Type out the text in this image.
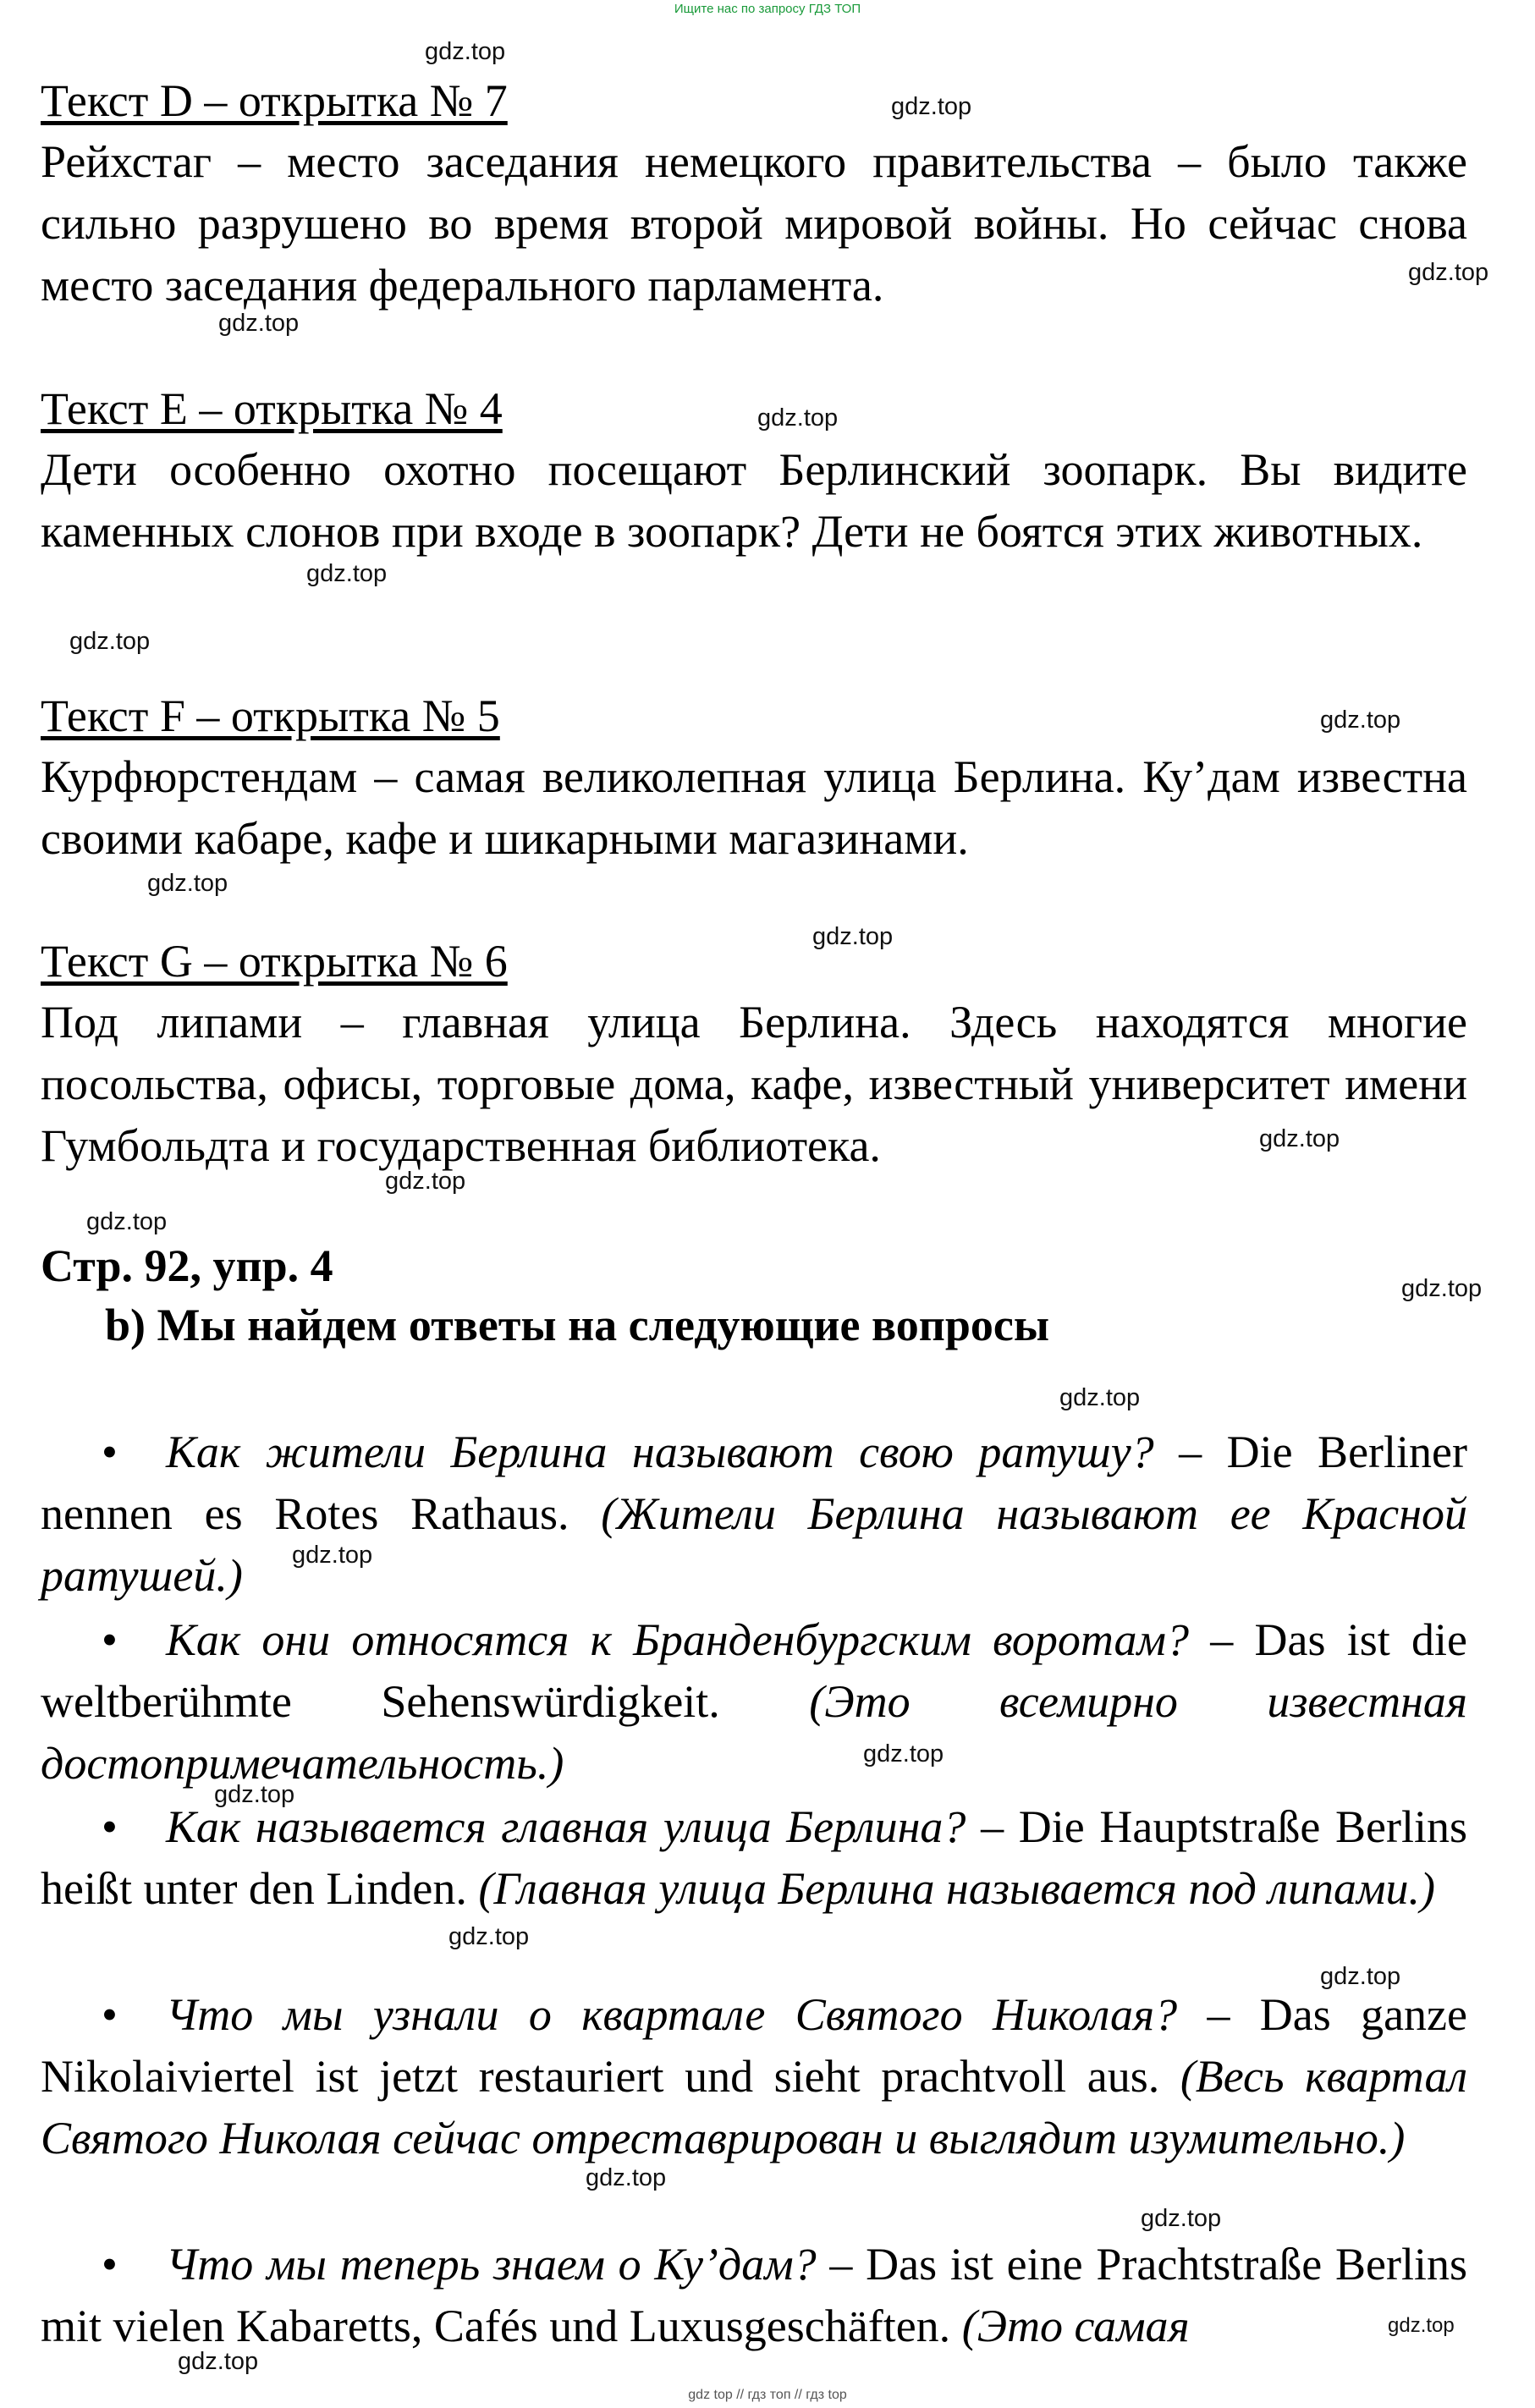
Ищите нас по запросу ГДЗ ТОП
Текст D – открытка № 7
Рейхстаг – место заседания немецкого правительства – было также сильно разрушено во время второй мировой войны. Но сейчас снова место заседания федерального парламента.
Текст E – открытка № 4
Дети особенно охотно посещают Берлинский зоопарк. Вы видите каменных слонов при входе в зоопарк? Дети не боятся этих животных.
Текст F – открытка № 5
Курфюрстендам – самая великолепная улица Берлина. Ку’дам известна своими кабаре, кафе и шикарными магазинами.
Текст G – открытка № 6
Под липами – главная улица Берлина. Здесь находятся многие посольства, офисы, торговые дома, кафе, известный университет имени Гумбольдта и государственная библиотека.
Стр. 92, упр. 4
b) Мы найдем ответы на следующие вопросы
• Как жители Берлина называют свою ратушу? – Die Berliner nennen es Rotes Rathaus. (Жители Берлина называют ее Красной ратушей.)
• Как они относятся к Бранденбургским воротам? – Das ist die weltberühmte Sehenswürdigkeit. (Это всемирно известная достопримечательность.)
• Как называется главная улица Берлина? – Die Hauptstraße Berlins heißt unter den Linden. (Главная улица Берлина называется под липами.)
• Что мы узнали о квартале Святого Николая? – Das ganze Nikolaiviertel ist jetzt restauriert und sieht prachtvoll aus. (Весь квартал Святого Николая сейчас отреставрирован и выглядит изумительно.)
• Что мы теперь знаем о Ку’дам? – Das ist eine Prachtstraße Berlins mit vielen Kabaretts, Cafés und Luxusgeschäften. (Это самая
gdz.top
gdz.top
gdz.top
gdz.top
gdz.top
gdz.top
gdz.top
gdz.top
gdz.top
gdz.top
gdz.top
gdz.top
gdz.top
gdz.top
gdz.top
gdz.top
gdz.top
gdz.top
gdz.top
gdz.top
gdz.top
gdz.top
gdz.top
gdz.top
gdz top // гдз топ // гдз top
